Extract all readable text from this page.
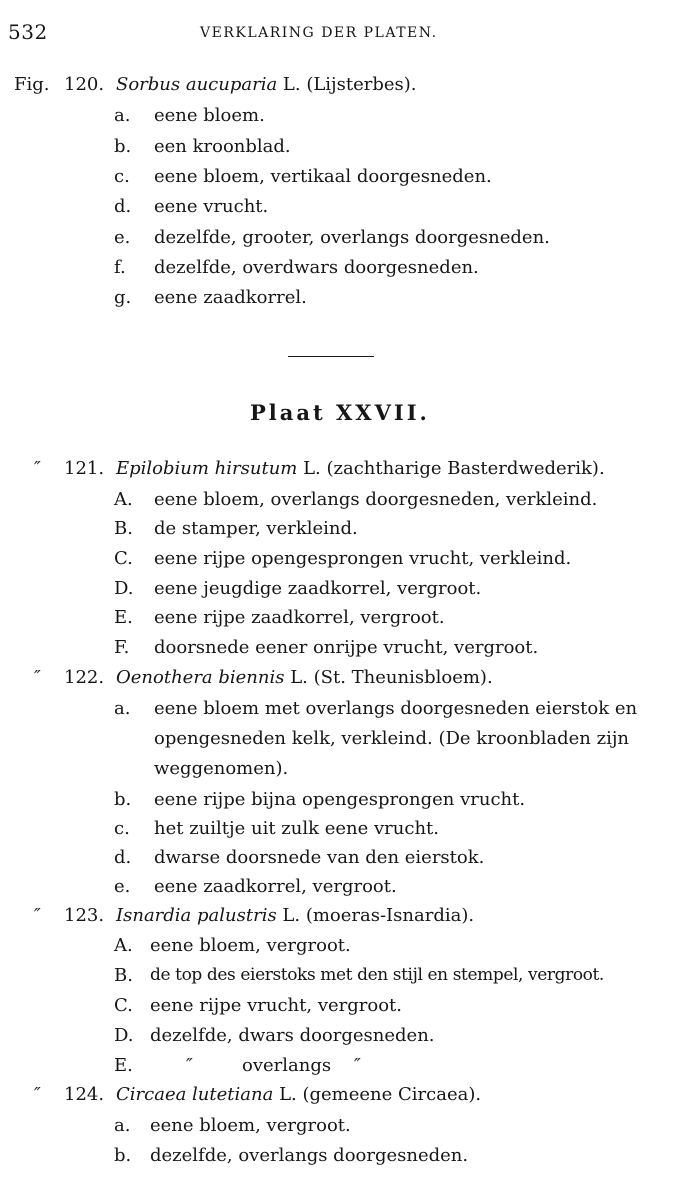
532	VERKLARING DER PLATEN.
Fig. 120. Sorbus aucuparia L. (Lijsterbes).
a. eene bloem.
b. een kroonblad.
c. eene bloem, vertikaal doorgesneden.
d. eene vrucht.
e. dezelfde, grooter, overlangs doorgesneden.
f. dezelfde, overdwars doorgesneden.
g. eene zaadkorrel.
Plaat XXVII.
″ 121. Epilobium hirsutum L. (zachtharige Basterdwederik).
A. eene bloem, overlangs doorgesneden, verkleind.
B. de stamper, verkleind.
C. eene rijpe opengesprongen vrucht, verkleind.
D. eene jeugdige zaadkorrel, vergroot.
E. eene rijpe zaadkorrel, vergroot.
F. doorsnede eener onrijpe vrucht, vergroot.
″ 122. Oenothera biennis L. (St. Theunisbloem).
a. eene bloem met overlangs doorgesneden eierstok en
opengesneden kelk, verkleind. (De kroonbladen zijn
weggenomen).
b. eene rijpe bijna opengesprongen vrucht.
c. het zuiltje uit zulk eene vrucht.
d. dwarse doorsnede van den eierstok.
e. eene zaadkorrel, vergroot.
″ 123. Isnardia palustris L. (moeras-Isnardia).
A. eene bloem, vergroot.
B. de top des eierstoks met den stijl en stempel, vergroot.
C. eene rijpe vrucht, vergroot.
D. dezelfde, dwars doorgesneden.
E.	″	overlangs ″
″ 124. Circaea lutetiana L. (gemeene Circaea).
a. eene bloem, vergroot.
b. dezelfde, overlangs doorgesneden.
